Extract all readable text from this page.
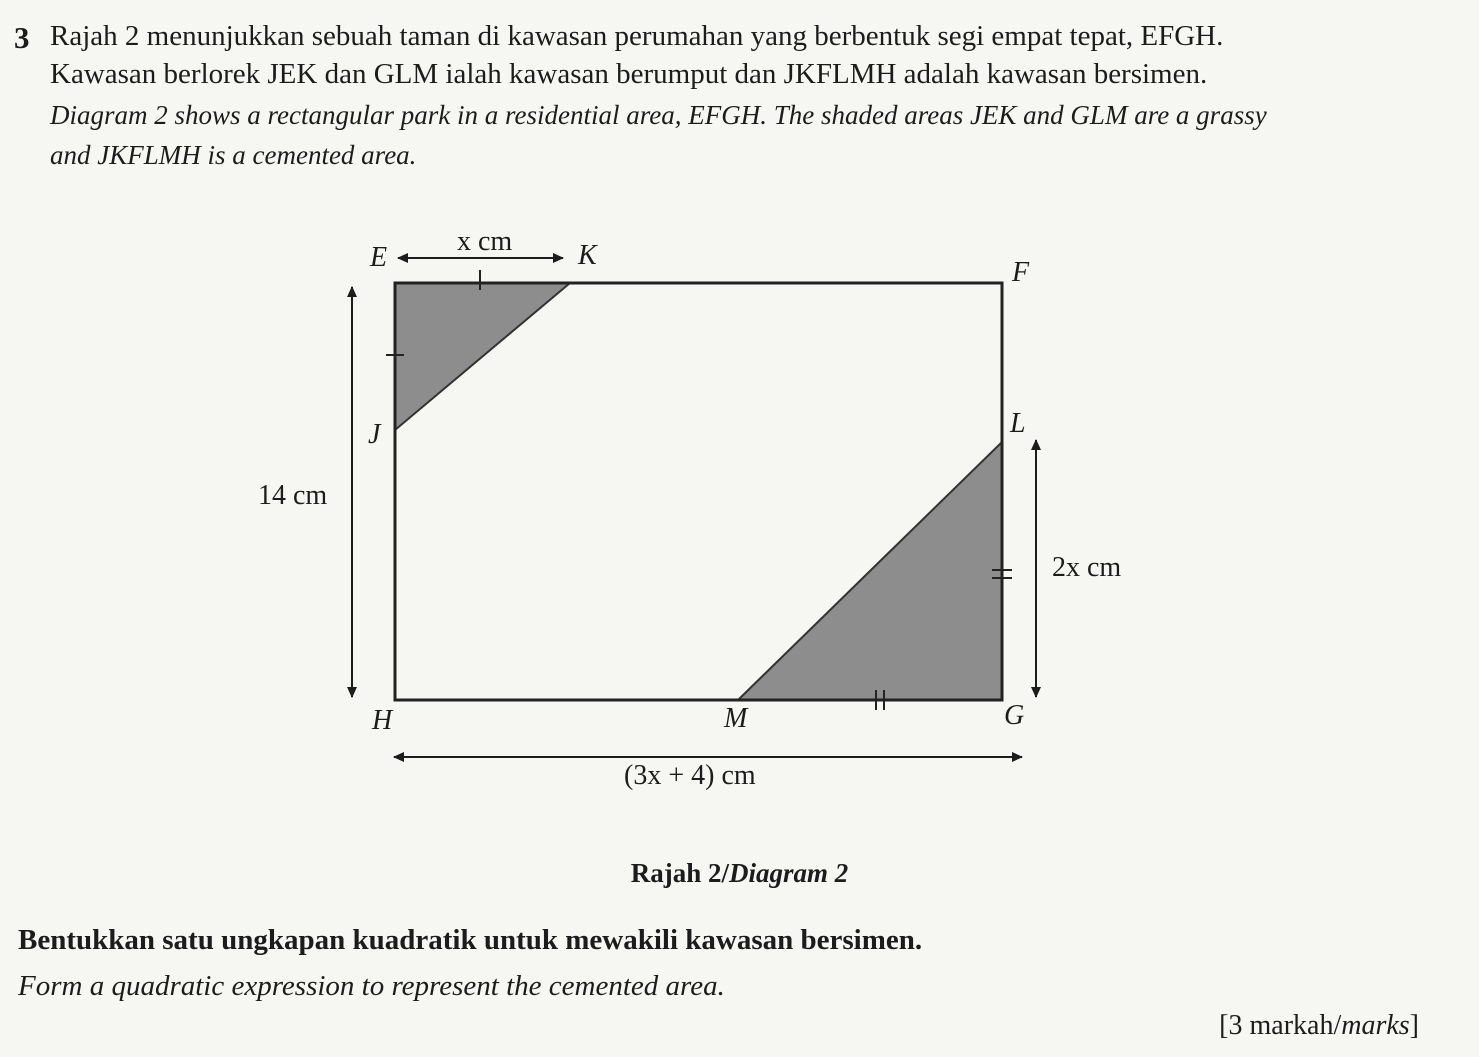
3 Rajah 2 menunjukkan sebuah taman di kawasan perumahan yang berbentuk segi empat tepat, EFGH.
Kawasan berlorek JEK dan GLM ialah kawasan berumput dan JKFLMH adalah kawasan bersimen.
Diagram 2 shows a rectangular park in a residential area, EFGH. The shaded areas JEK and GLM are a grassy
and JKFLMH is a cemented area.
E	K
F
J	L
H	M	G
x cm
14 cm
2x cm
(3x + 4) cm
Rajah 2/Diagram 2
Bentukkan satu ungkapan kuadratik untuk mewakili kawasan bersimen.
Form a quadratic expression to represent the cemented area.
[3 markah/marks]
